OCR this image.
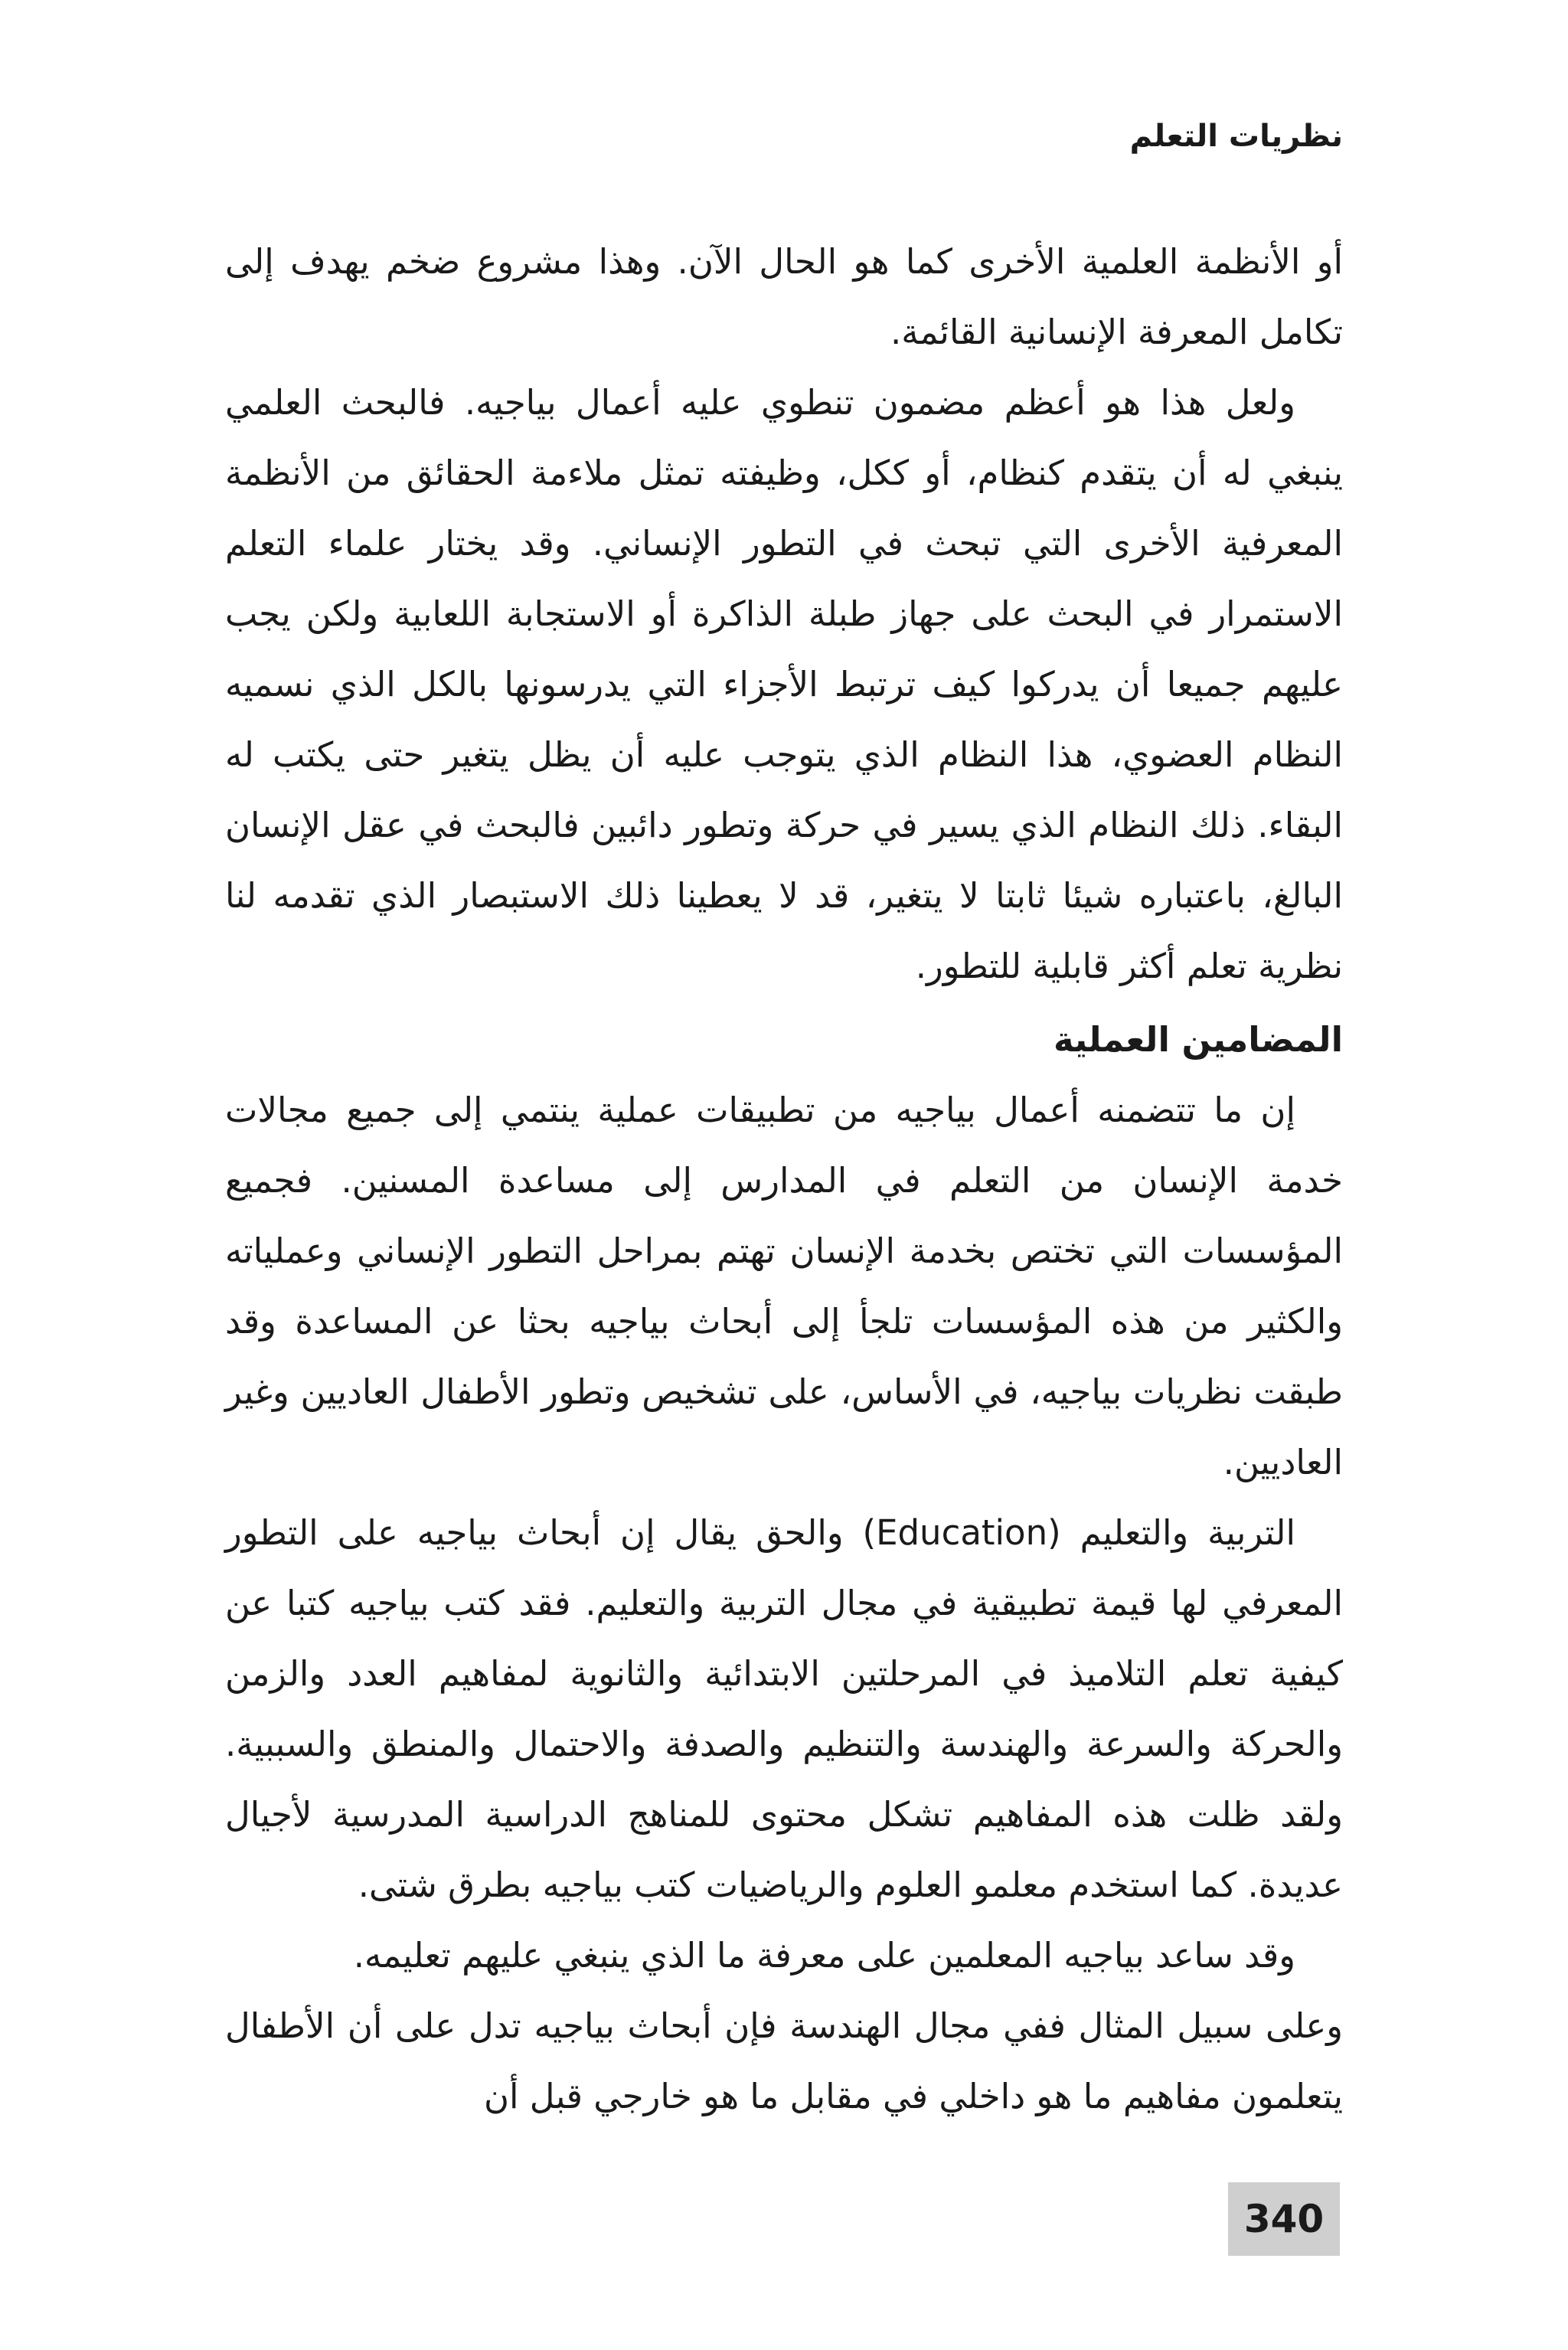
نظريات التعلم

أو الأنظمة العلمية الأخرى كما هو الحال الآن. وهذا مشروع ضخم يهدف إلى تكامل المعرفة الإنسانية القائمة.

ولعل هذا هو أعظم مضمون تنطوي عليه أعمال بياجيه. فالبحث العلمي ينبغي له أن يتقدم كنظام، أو ككل، وظيفته تمثل ملاءمة الحقائق من الأنظمة المعرفية الأخرى التي تبحث في التطور الإنساني. وقد يختار علماء التعلم الاستمرار في البحث على جهاز طبلة الذاكرة أو الاستجابة اللعابية ولكن يجب عليهم جميعا أن يدركوا كيف ترتبط الأجزاء التي يدرسونها بالكل الذي نسميه النظام العضوي، هذا النظام الذي يتوجب عليه أن يظل يتغير حتى يكتب له البقاء. ذلك النظام الذي يسير في حركة وتطور دائبين فالبحث في عقل الإنسان البالغ، باعتباره شيئا ثابتا لا يتغير، قد لا يعطينا ذلك الاستبصار الذي تقدمه لنا نظرية تعلم أكثر قابلية للتطور.

المضامين العملية

إن ما تتضمنه أعمال بياجيه من تطبيقات عملية ينتمي إلى جميع مجالات خدمة الإنسان من التعلم في المدارس إلى مساعدة المسنين. فجميع المؤسسات التي تختص بخدمة الإنسان تهتم بمراحل التطور الإنساني وعملياته والكثير من هذه المؤسسات تلجأ إلى أبحاث بياجيه بحثا عن المساعدة وقد طبقت نظريات بياجيه، في الأساس، على تشخيص وتطور الأطفال العاديين وغير العاديين.

التربية والتعليم (Education) والحق يقال إن أبحاث بياجيه على التطور المعرفي لها قيمة تطبيقية في مجال التربية والتعليم. فقد كتب بياجيه كتبا عن كيفية تعلم التلاميذ في المرحلتين الابتدائية والثانوية لمفاهيم العدد والزمن والحركة والسرعة والهندسة والتنظيم والصدفة والاحتمال والمنطق والسببية. ولقد ظلت هذه المفاهيم تشكل محتوى للمناهج الدراسية المدرسية لأجيال عديدة. كما استخدم معلمو العلوم والرياضيات كتب بياجيه بطرق شتى.

وقد ساعد بياجيه المعلمين على معرفة ما الذي ينبغي عليهم تعليمه.

وعلى سبيل المثال ففي مجال الهندسة فإن أبحاث بياجيه تدل على أن الأطفال يتعلمون مفاهيم ما هو داخلي في مقابل ما هو خارجي قبل أن

340
